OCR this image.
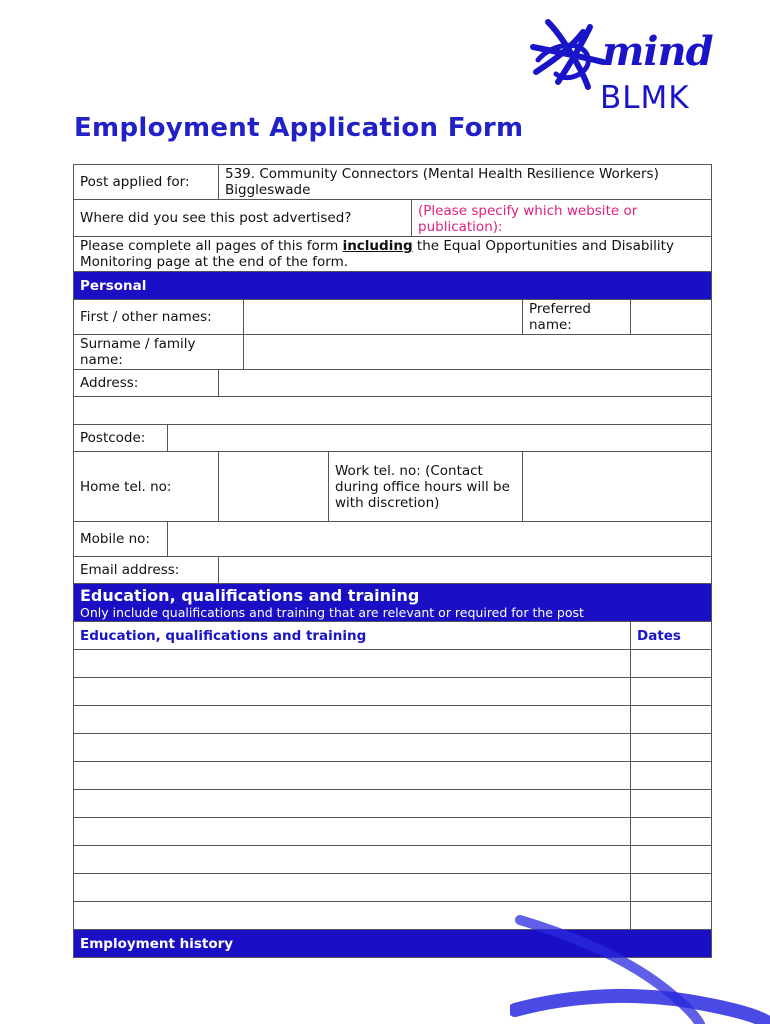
mind
BLMK
Employment Application Form
Post applied for:		539. Community Connectors (Mental Health Resilience Workers) Biggleswade					
Where did you see this post advertised?					(Please specify which website or publication):		
Please complete all pages of this form including the Equal Opportunities and Disability Monitoring page at the end of the form.							
Personal							
First / other names:						Preferred name:	
Surname / family name:							
Address:							

Postcode:							
Home tel. no:				Work tel. no: (Contact during office hours will be with discretion)			
Mobile no:							
Email address:							

Education, qualifications and training
Only include qualifications and training that are relevant or required for the post							

Education, qualifications and training							Dates

Employment history							
